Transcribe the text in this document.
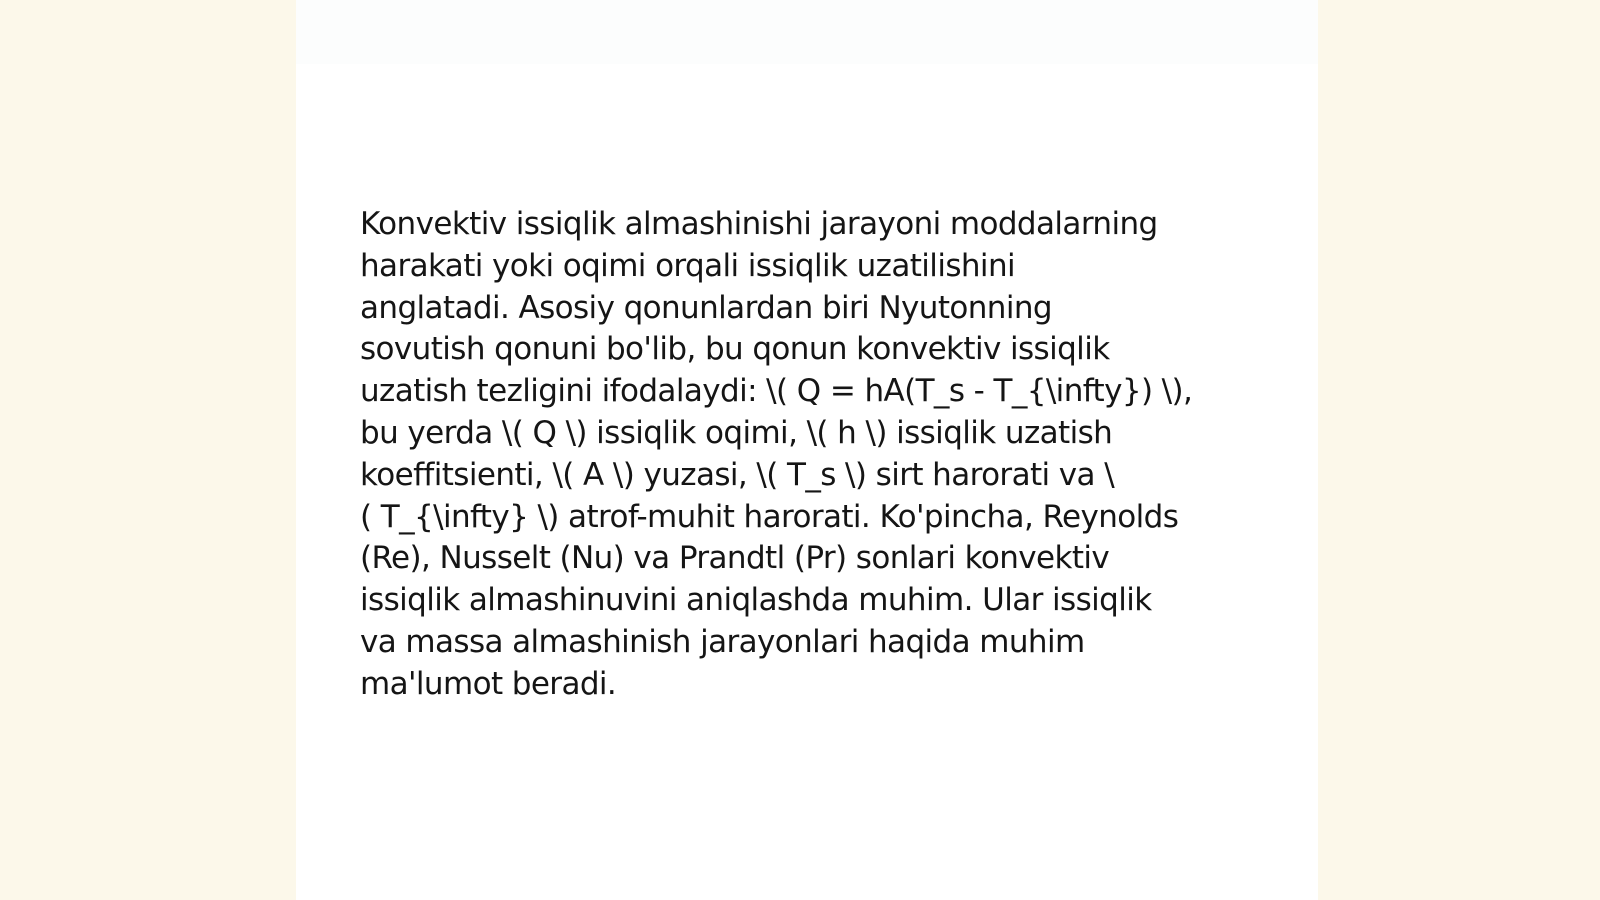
Konvektiv issiqlik almashinishi jarayoni moddalarning
harakati yoki oqimi orqali issiqlik uzatilishini
anglatadi. Asosiy qonunlardan biri Nyutonning
sovutish qonuni bo'lib, bu qonun konvektiv issiqlik
uzatish tezligini ifodalaydi: \( Q = hA(T_s - T_{\infty}) \),
bu yerda \( Q \) issiqlik oqimi, \( h \) issiqlik uzatish
koeffitsienti, \( A \) yuzasi, \( T_s \) sirt harorati va \
( T_{\infty} \) atrof-muhit harorati. Ko'pincha, Reynolds
(Re), Nusselt (Nu) va Prandtl (Pr) sonlari konvektiv
issiqlik almashinuvini aniqlashda muhim. Ular issiqlik
va massa almashinish jarayonlari haqida muhim
ma'lumot beradi.
